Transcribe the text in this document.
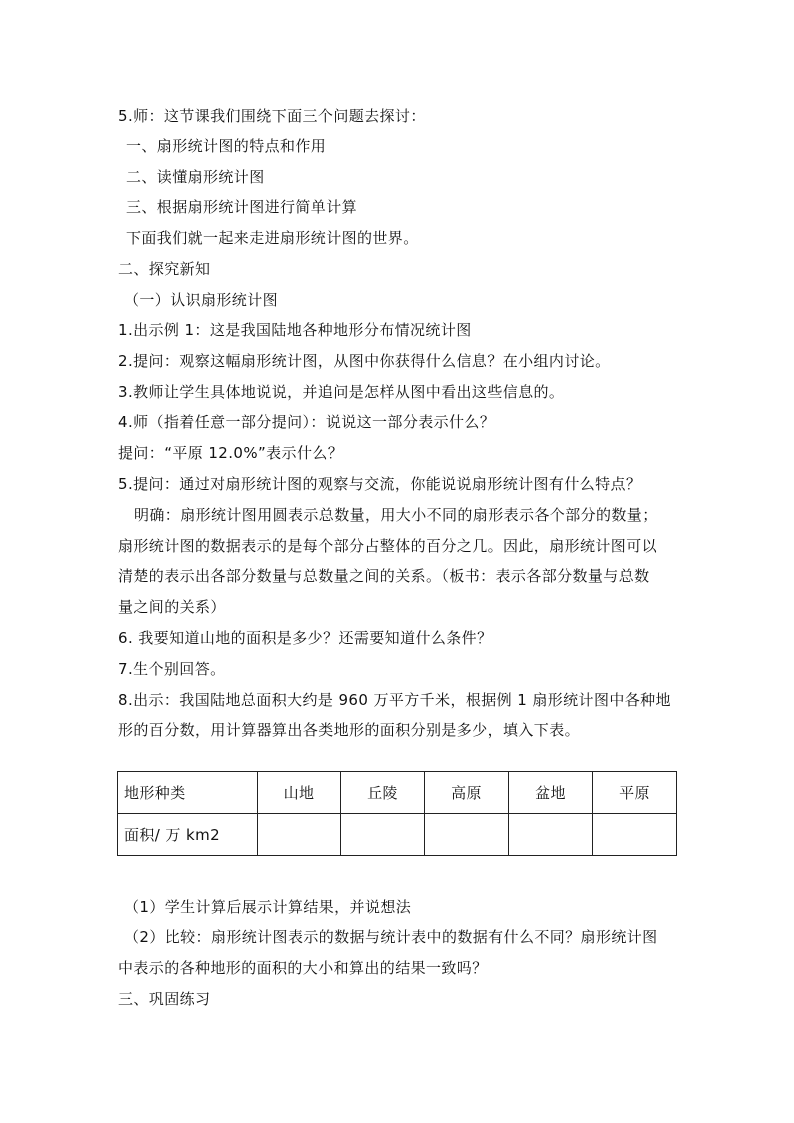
5.师：这节课我们围绕下面三个问题去探讨：
一、扇形统计图的特点和作用
二、读懂扇形统计图
三、根据扇形统计图进行简单计算
下面我们就一起来走进扇形统计图的世界。
二、探究新知
（一）认识扇形统计图
1.出示例 1：这是我国陆地各种地形分布情况统计图
2.提问：观察这幅扇形统计图，从图中你获得什么信息？在小组内讨论。
3.教师让学生具体地说说，并追问是怎样从图中看出这些信息的。
4.师（指着任意一部分提问）：说说这一部分表示什么？
提问：“平原 12.0%”表示什么？
5.提问：通过对扇形统计图的观察与交流，你能说说扇形统计图有什么特点？
明确：扇形统计图用圆表示总数量，用大小不同的扇形表示各个部分的数量；
扇形统计图的数据表示的是每个部分占整体的百分之几。因此，扇形统计图可以
清楚的表示出各部分数量与总数量之间的关系。（板书：表示各部分数量与总数
量之间的关系）
6. 我要知道山地的面积是多少？还需要知道什么条件？
7.生个别回答。
8.出示：我国陆地总面积大约是 960 万平方千米，根据例 1 扇形统计图中各种地
形的百分数，用计算器算出各类地形的面积分别是多少，填入下表。
地形种类	山地	丘陵	高原	盆地	平原
面积/ 万 km2					
（1）学生计算后展示计算结果，并说想法
（2）比较：扇形统计图表示的数据与统计表中的数据有什么不同？扇形统计图
中表示的各种地形的面积的大小和算出的结果一致吗？
三、巩固练习
